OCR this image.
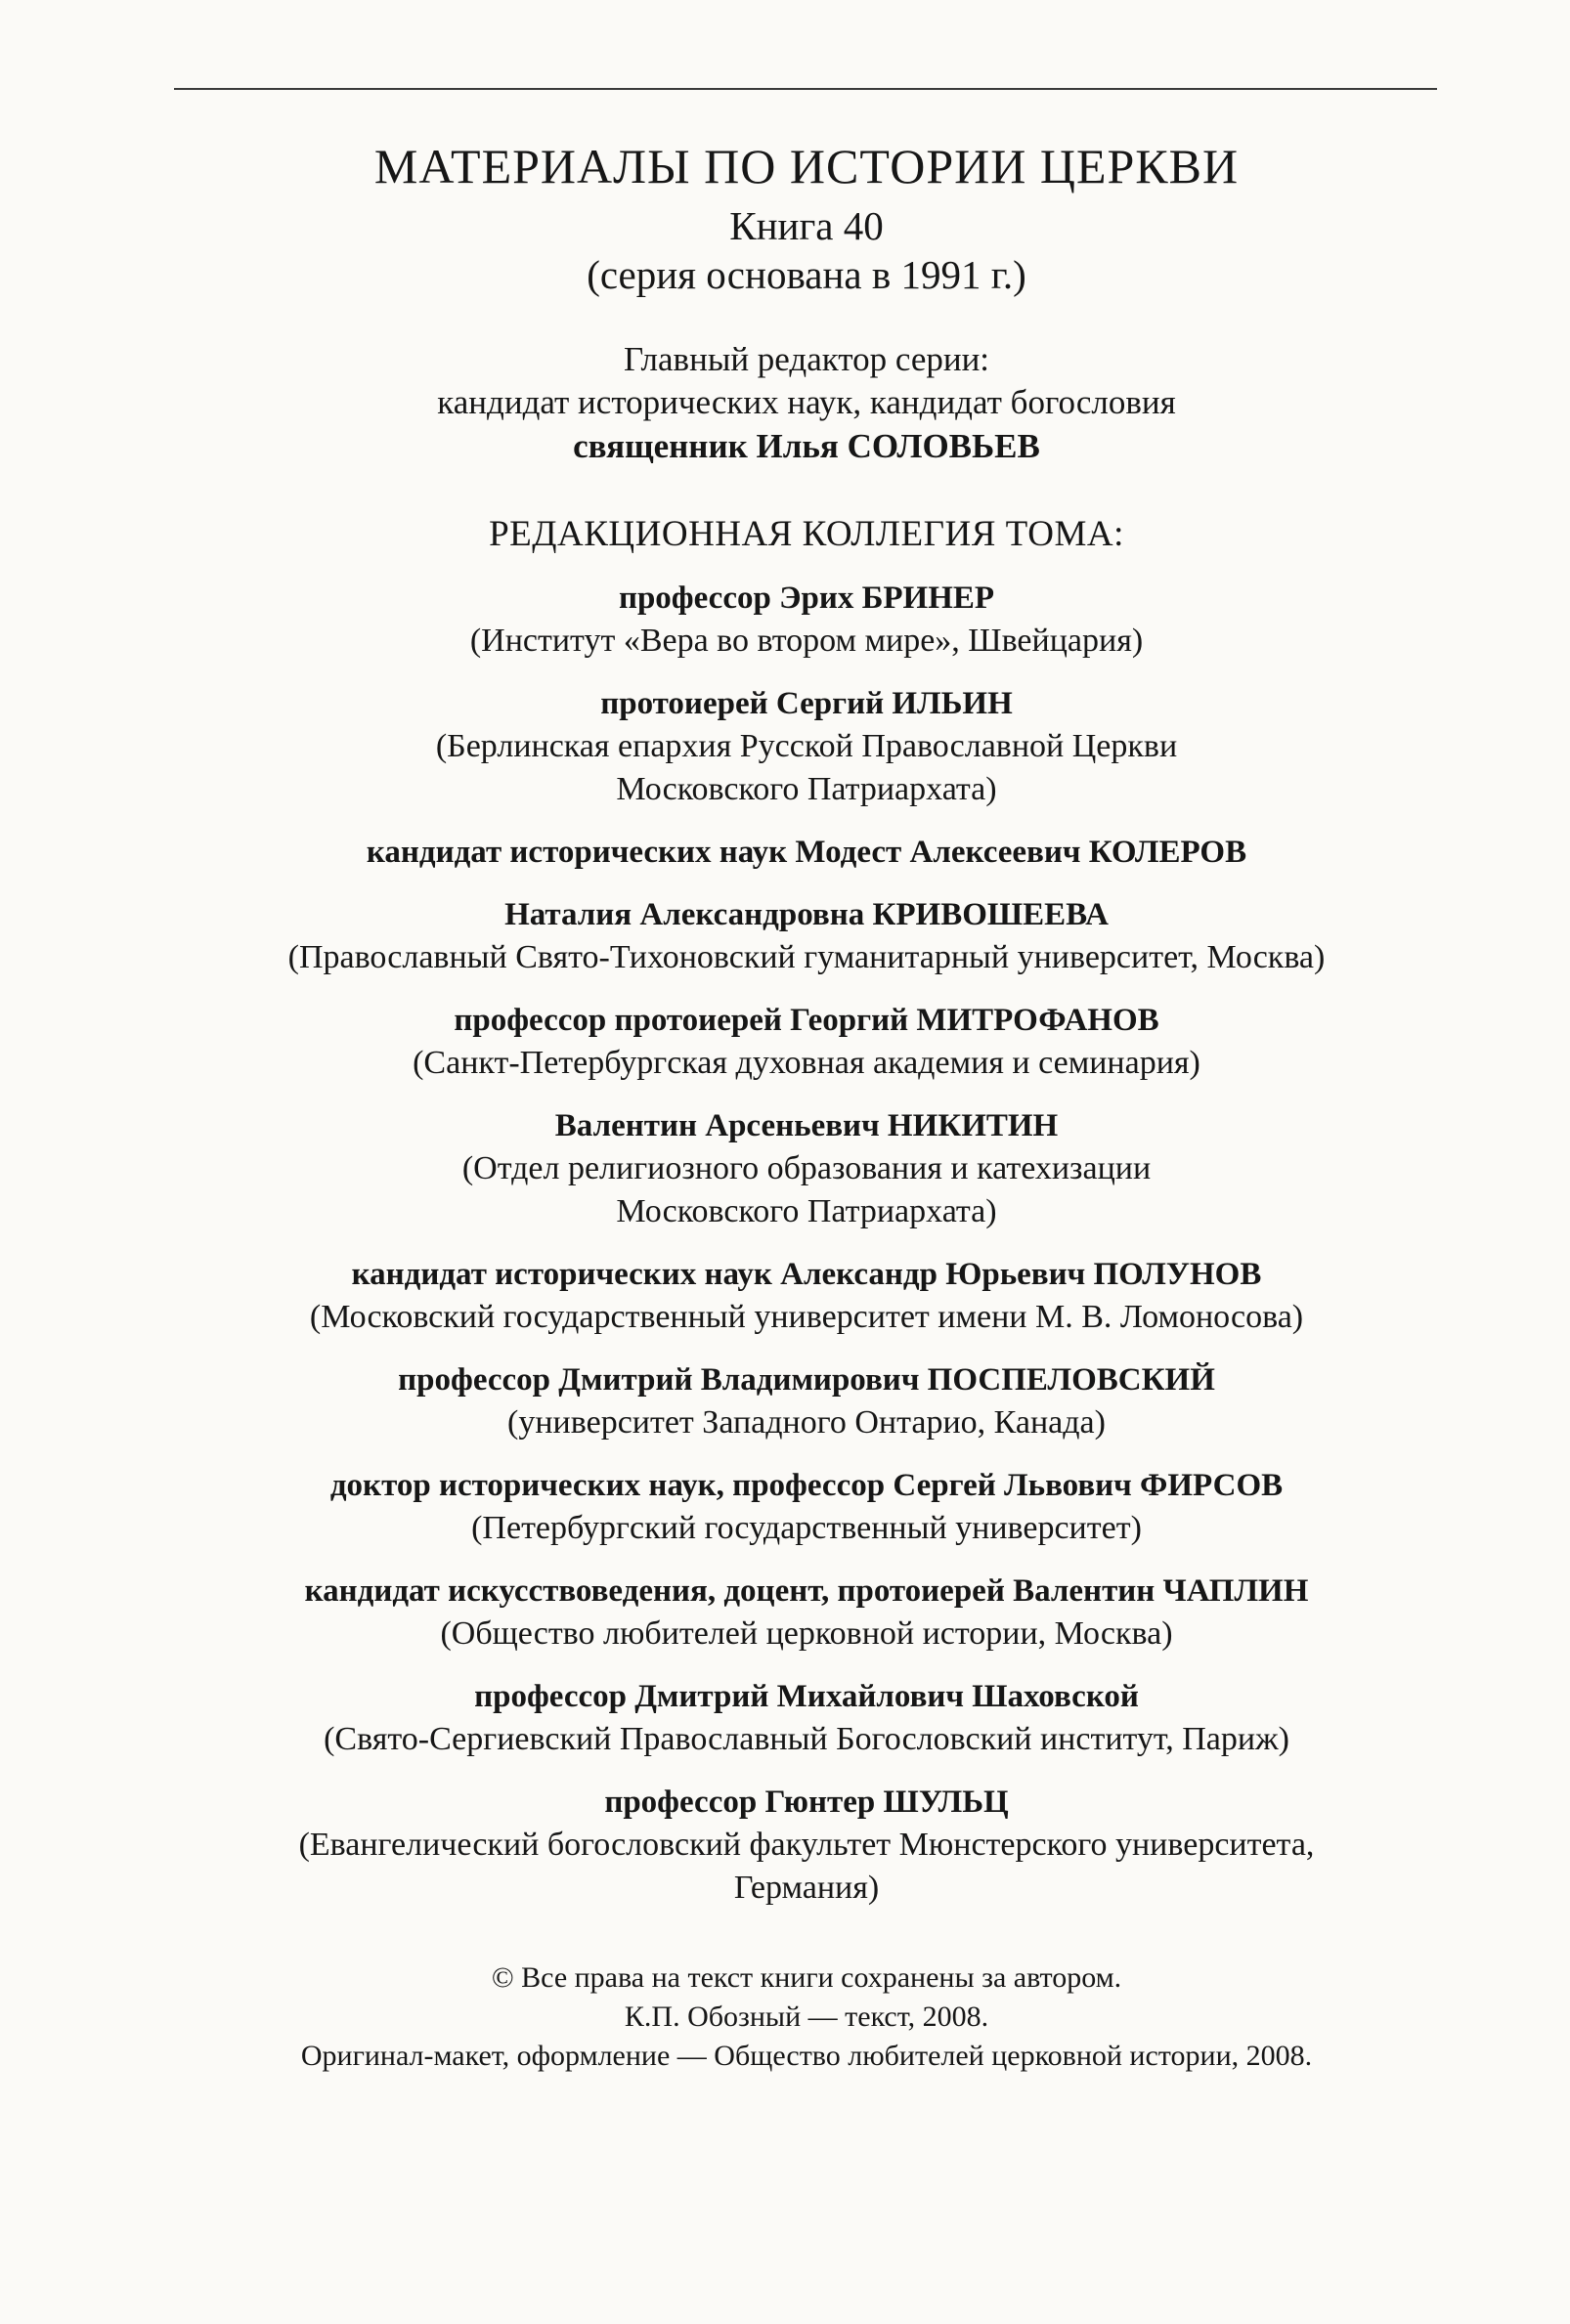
МАТЕРИАЛЫ ПО ИСТОРИИ ЦЕРКВИ
Книга 40
(серия основана в 1991 г.)
Главный редактор серии:
кандидат исторических наук, кандидат богословия
священник Илья СОЛОВЬЕВ
РЕДАКЦИОННАЯ КОЛЛЕГИЯ ТОМА:
профессор Эрих БРИНЕР
(Институт «Вера во втором мире», Швейцария)
протоиерей Сергий ИЛЬИН
(Берлинская епархия Русской Православной Церкви
Московского Патриархата)
кандидат исторических наук Модест Алексеевич КОЛЕРОВ
Наталия Александровна КРИВОШЕЕВА
(Православный Свято-Тихоновский гуманитарный университет, Москва)
профессор протоиерей Георгий МИТРОФАНОВ
(Санкт-Петербургская духовная академия и семинария)
Валентин Арсеньевич НИКИТИН
(Отдел религиозного образования и катехизации
Московского Патриархата)
кандидат исторических наук Александр Юрьевич ПОЛУНОВ
(Московский государственный университет имени М. В. Ломоносова)
профессор Дмитрий Владимирович ПОСПЕЛОВСКИЙ
(университет Западного Онтарио, Канада)
доктор исторических наук, профессор Сергей Львович ФИРСОВ
(Петербургский государственный университет)
кандидат искусствоведения, доцент, протоиерей Валентин ЧАПЛИН
(Общество любителей церковной истории, Москва)
профессор Дмитрий Михайлович Шаховской
(Свято-Сергиевский Православный Богословский институт, Париж)
профессор Гюнтер ШУЛЬЦ
(Евангелический богословский факультет Мюнстерского университета,
Германия)
© Все права на текст книги сохранены за автором.
К.П. Обозный — текст, 2008.
Оригинал-макет, оформление — Общество любителей церковной истории, 2008.
